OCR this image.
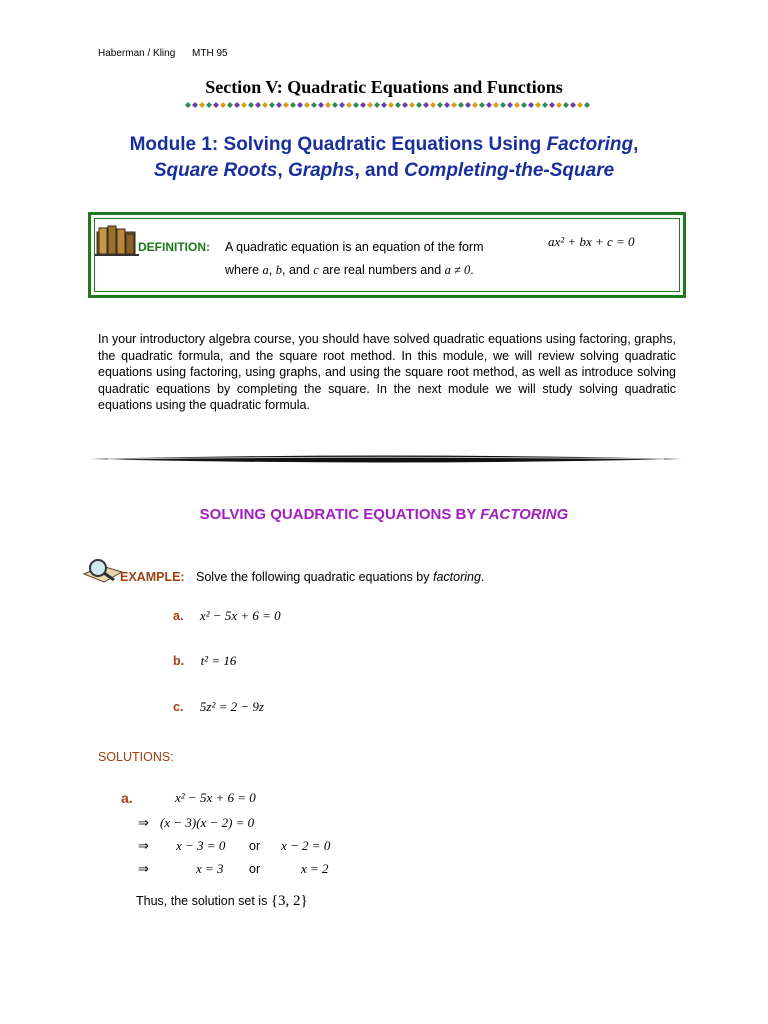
Haberman / Kling MTH 95
Section V: Quadratic Equations and Functions
Module 1: Solving Quadratic Equations Using Factoring,
Square Roots, Graphs, and Completing-the-Square
DEFINITION: A quadratic equation is an equation of the form	ax² + bx + c = 0
where a, b, and c are real numbers and a ≠ 0.
In your introductory algebra course, you should have solved quadratic equations using factoring, graphs, the quadratic formula, and the square root method. In this module, we will review solving quadratic equations using factoring, using graphs, and using the square root method, as well as introduce solving quadratic equations by completing the square. In the next module we will study solving quadratic equations using the quadratic formula.
SOLVING QUADRATIC EQUATIONS BY FACTORING
EXAMPLE: Solve the following quadratic equations by factoring.
a. x² − 5x + 6 = 0
b. t² = 16
c. 5z² = 2 − 9z
SOLUTIONS:
a.	x² − 5x + 6 = 0
⇒ (x − 3)(x − 2) = 0
⇒ x − 3 = 0 or x − 2 = 0
⇒	x = 3 or	x = 2
Thus, the solution set is {3, 2}
